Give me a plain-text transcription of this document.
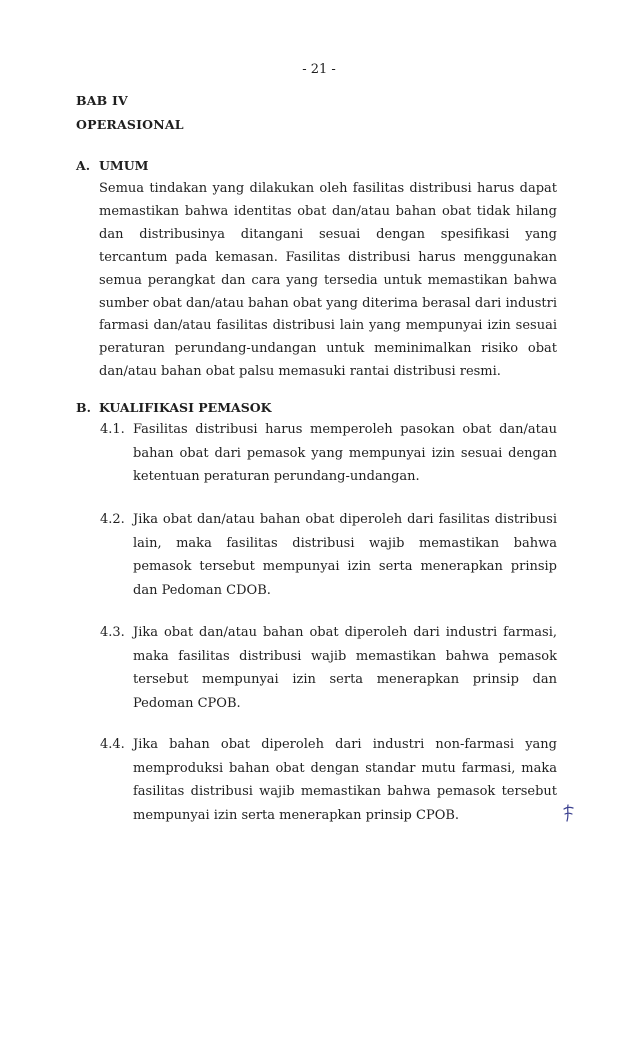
- 21 -
BAB IV
OPERASIONAL
A. UMUM

Semua tindakan yang dilakukan oleh fasilitas distribusi harus dapat memastikan bahwa identitas obat dan/atau bahan obat tidak hilang dan distribusinya ditangani sesuai dengan spesifikasi yang tercantum pada kemasan. Fasilitas distribusi harus menggunakan semua perangkat dan cara yang tersedia untuk memastikan bahwa sumber obat dan/atau bahan obat yang diterima berasal dari industri farmasi dan/atau fasilitas distribusi lain yang mempunyai izin sesuai peraturan perundang-undangan untuk meminimalkan risiko obat dan/atau bahan obat palsu memasuki rantai distribusi resmi.

B. KUALIFIKASI PEMASOK
4.1. Fasilitas distribusi harus memperoleh pasokan obat dan/atau bahan obat dari pemasok yang mempunyai izin sesuai dengan ketentuan peraturan perundang-undangan.

4.2. Jika obat dan/atau bahan obat diperoleh dari fasilitas distribusi lain, maka fasilitas distribusi wajib memastikan bahwa pemasok tersebut mempunyai izin serta menerapkan prinsip dan Pedoman CDOB.

4.3. Jika obat dan/atau bahan obat diperoleh dari industri farmasi, maka fasilitas distribusi wajib memastikan bahwa pemasok tersebut mempunyai izin serta menerapkan prinsip dan Pedoman CPOB.

4.4. Jika bahan obat diperoleh dari industri non-farmasi yang memproduksi bahan obat dengan standar mutu farmasi, maka fasilitas distribusi wajib memastikan bahwa pemasok tersebut mempunyai izin serta menerapkan prinsip CPOB.
